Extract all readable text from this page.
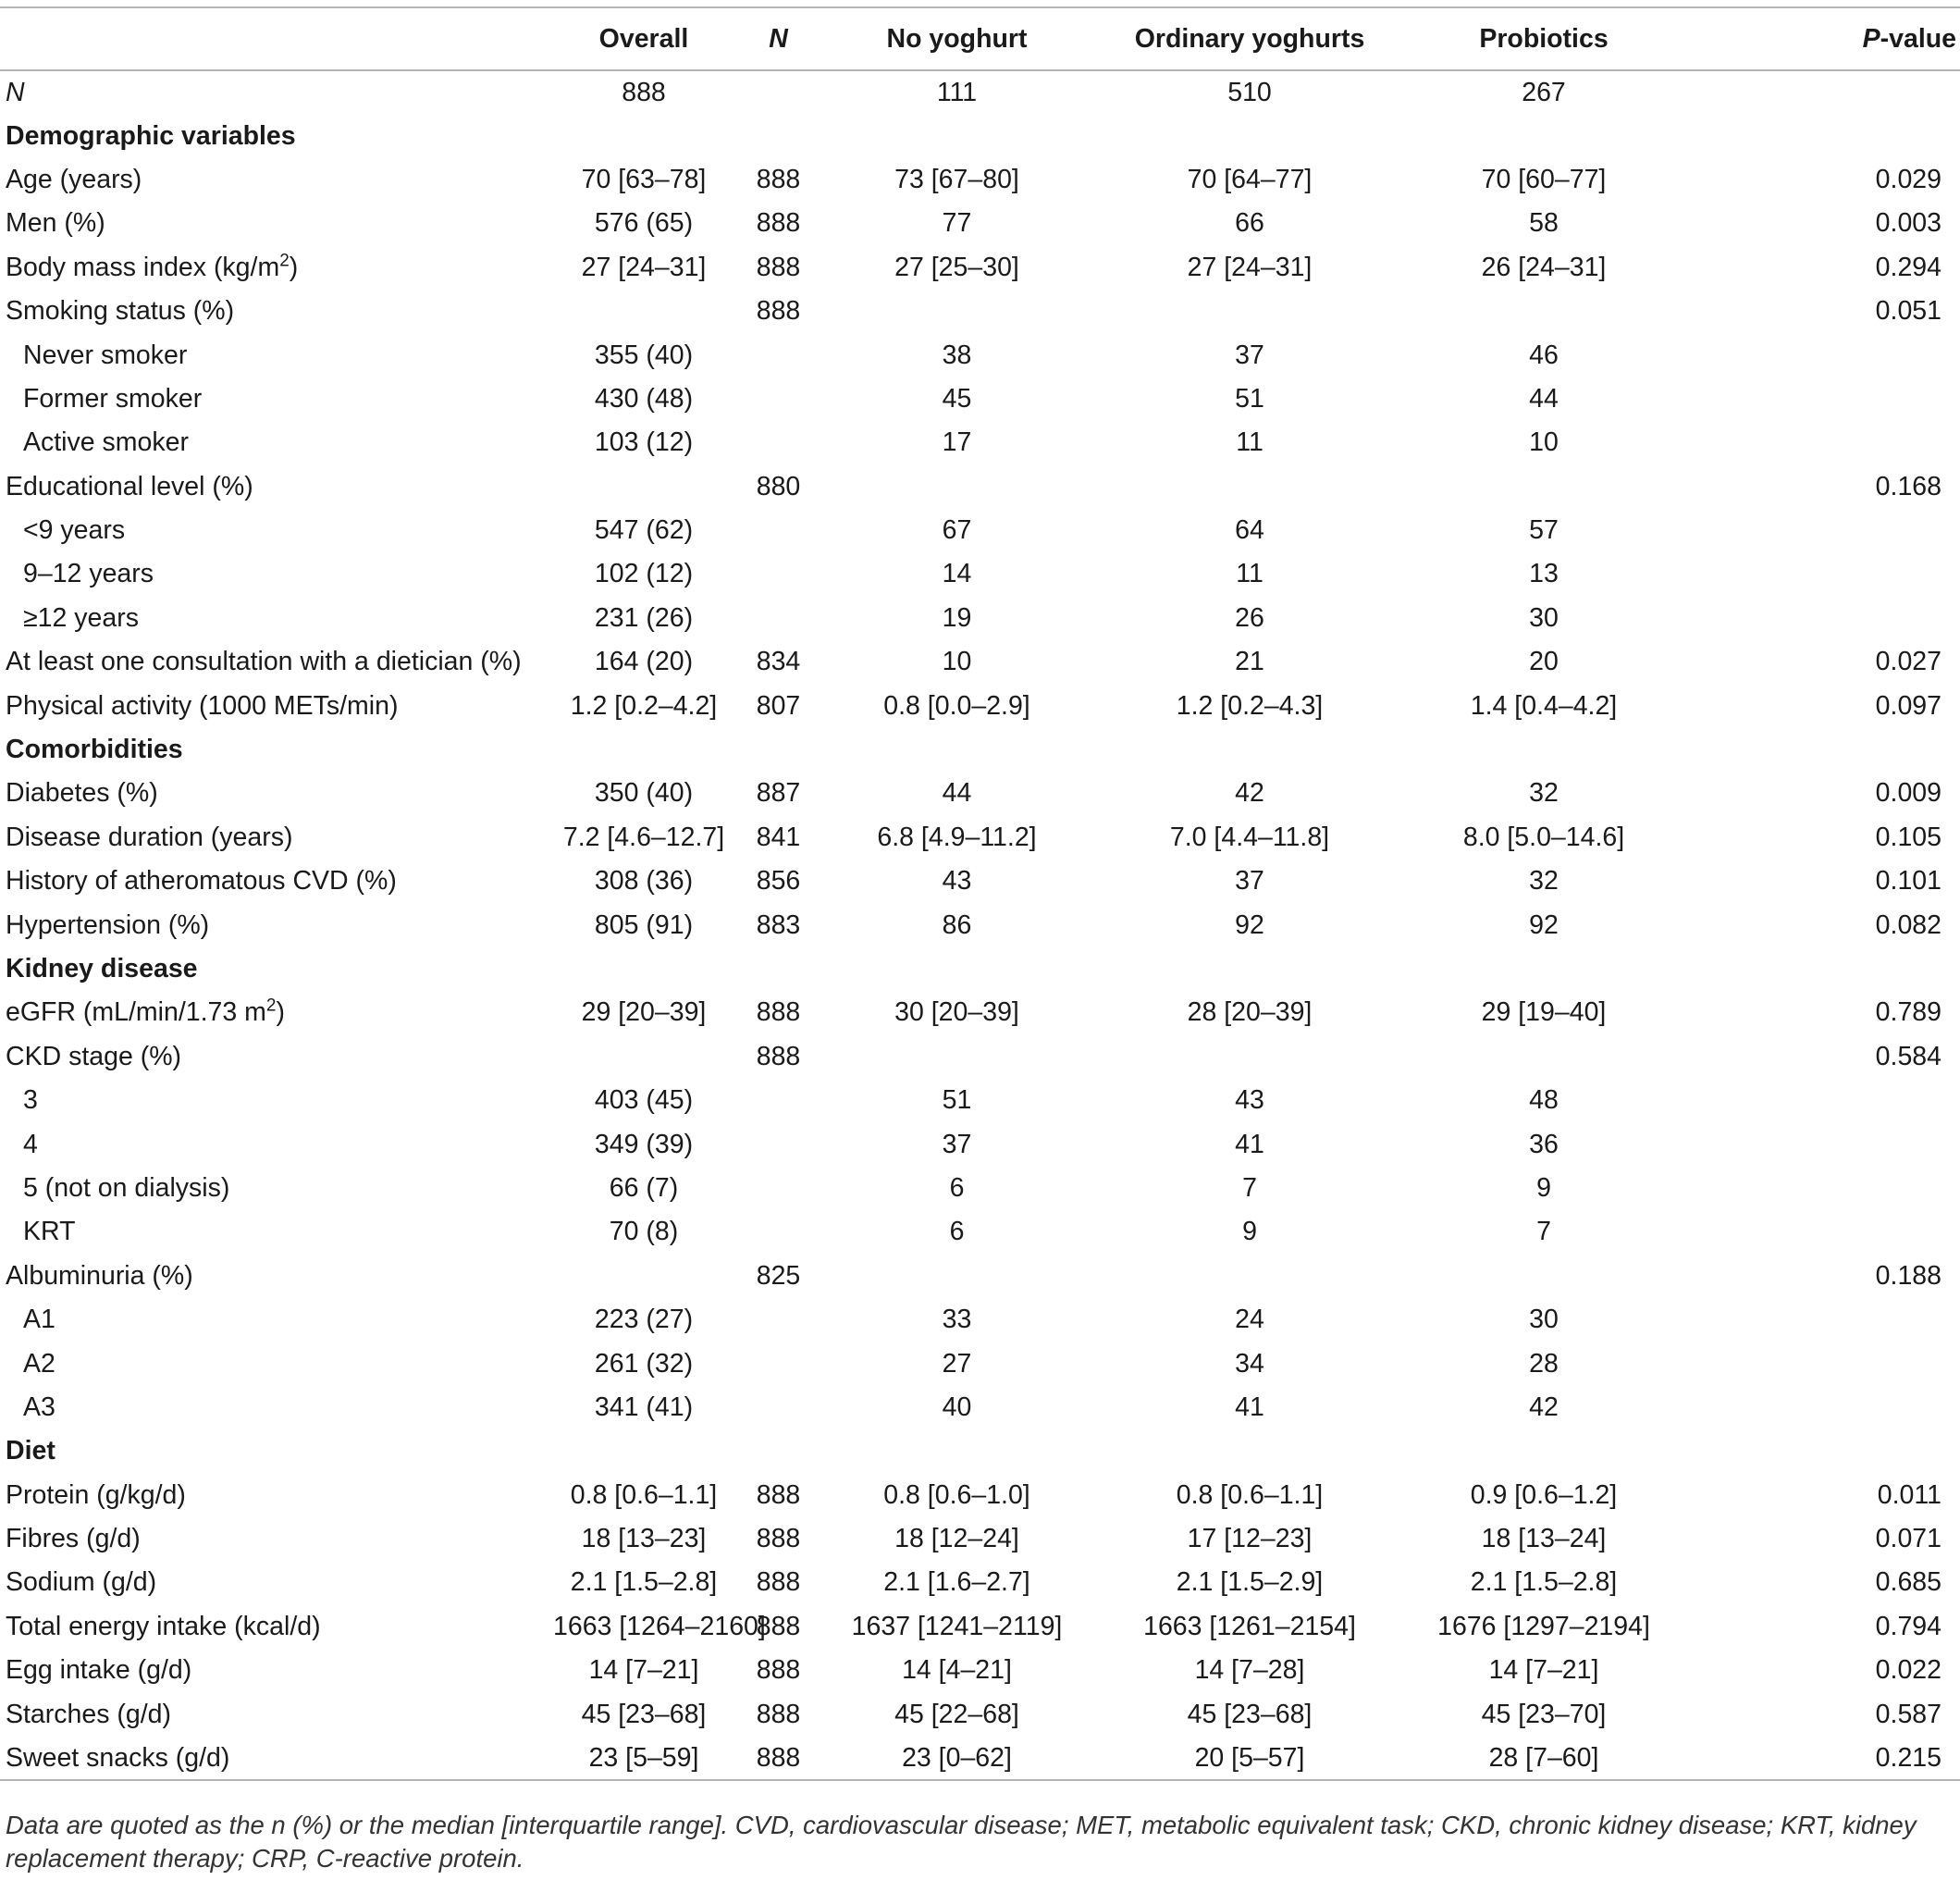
	Overall	N	No yoghurt	Ordinary yoghurts	Probiotics	P-value
N	888		111	510	267	
Demographic variables						
Age (years)	70 [63–78]	888	73 [67–80]	70 [64–77]	70 [60–77]	0.029
Men (%)	576 (65)	888	77	66	58	0.003
Body mass index $(kg/m^2)$	27 [24–31]	888	27 [25–30]	27 [24–31]	26 [24–31]	0.294
Smoking status (%)		888				0.051
Never smoker	355 (40)		38	37	46	
Former smoker	430 (48)		45	51	44	
Active smoker	103 (12)		17	11	10	
Educational level (%)		880				0.168
<9 years	547 (62)		67	64	57	
9–12 years	102 (12)		14	11	13	
≥12 years	231 (26)		19	26	30	
At least one consultation with a dietician (%)	164 (20)	834	10	21	20	0.027
Physical activity (1000 METs/min)	1.2 [0.2–4.2]	807	0.8 [0.0–2.9]	1.2 [0.2–4.3]	1.4 [0.4–4.2]	0.097
Comorbidities						
Diabetes (%)	350 (40)	887	44	42	32	0.009
Disease duration (years)	7.2 [4.6–12.7]	841	6.8 [4.9–11.2]	7.0 [4.4–11.8]	8.0 [5.0–14.6]	0.105
History of atheromatous CVD (%)	308 (36)	856	43	37	32	0.101
Hypertension (%)	805 (91)	883	86	92	92	0.082
Kidney disease						
eGFR (mL/min/1.73 $m^2$)	29 [20–39]	888	30 [20–39]	28 [20–39]	29 [19–40]	0.789
CKD stage (%)		888				0.584
3	403 (45)		51	43	48	
4	349 (39)		37	41	36	
5 (not on dialysis)	66 (7)		6	7	9	
KRT	70 (8)		6	9	7	
Albuminuria (%)		825				0.188
A1	223 (27)		33	24	30	
A2	261 (32)		27	34	28	
A3	341 (41)		40	41	42	
Diet						
Protein (g/kg/d)	0.8 [0.6–1.1]	888	0.8 [0.6–1.0]	0.8 [0.6–1.1]	0.9 [0.6–1.2]	0.011
Fibres (g/d)	18 [13–23]	888	18 [12–24]	17 [12–23]	18 [13–24]	0.071
Sodium (g/d)	2.1 [1.5–2.8]	888	2.1 [1.6–2.7]	2.1 [1.5–2.9]	2.1 [1.5–2.8]	0.685
Total energy intake (kcal/d)	1663 [1264–2160]	888	1637 [1241–2119]	1663 [1261–2154]	1676 [1297–2194]	0.794
Egg intake (g/d)	14 [7–21]	888	14 [4–21]	14 [7–28]	14 [7–21]	0.022
Starches (g/d)	45 [23–68]	888	45 [22–68]	45 [23–68]	45 [23–70]	0.587
Sweet snacks (g/d)	23 [5–59]	888	23 [0–62]	20 [5–57]	28 [7–60]	0.215
Data are quoted as the n (%) or the median [interquartile range]. CVD, cardiovascular disease; MET, metabolic equivalent task; CKD, chronic kidney disease; KRT, kidney replacement therapy; CRP, C-reactive protein.
